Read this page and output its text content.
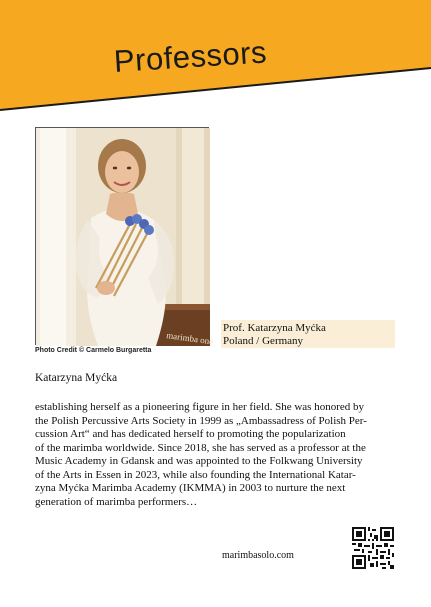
Professors
marimba one
Photo Credit © Carmelo Burgaretta
Prof. Katarzyna Myćka
Poland / Germany
Katarzyna Myćka
establishing herself as a pioneering figure in her field. She was honored by
the Polish Percussive Arts Society in 1999 as „Ambassadress of Polish Per-
cussion Art“ and has dedicated herself to promoting the popularization
of the marimba worldwide. Since 2018, she has served as a professor at the
Music Academy in Gdansk and was appointed to the Folkwang University
of the Arts in Essen in 2023, while also founding the International Katar-
zyna Myćka Marimba Academy (IKMMA) in 2003 to nurture the next
generation of marimba performers…
marimbasolo.com
